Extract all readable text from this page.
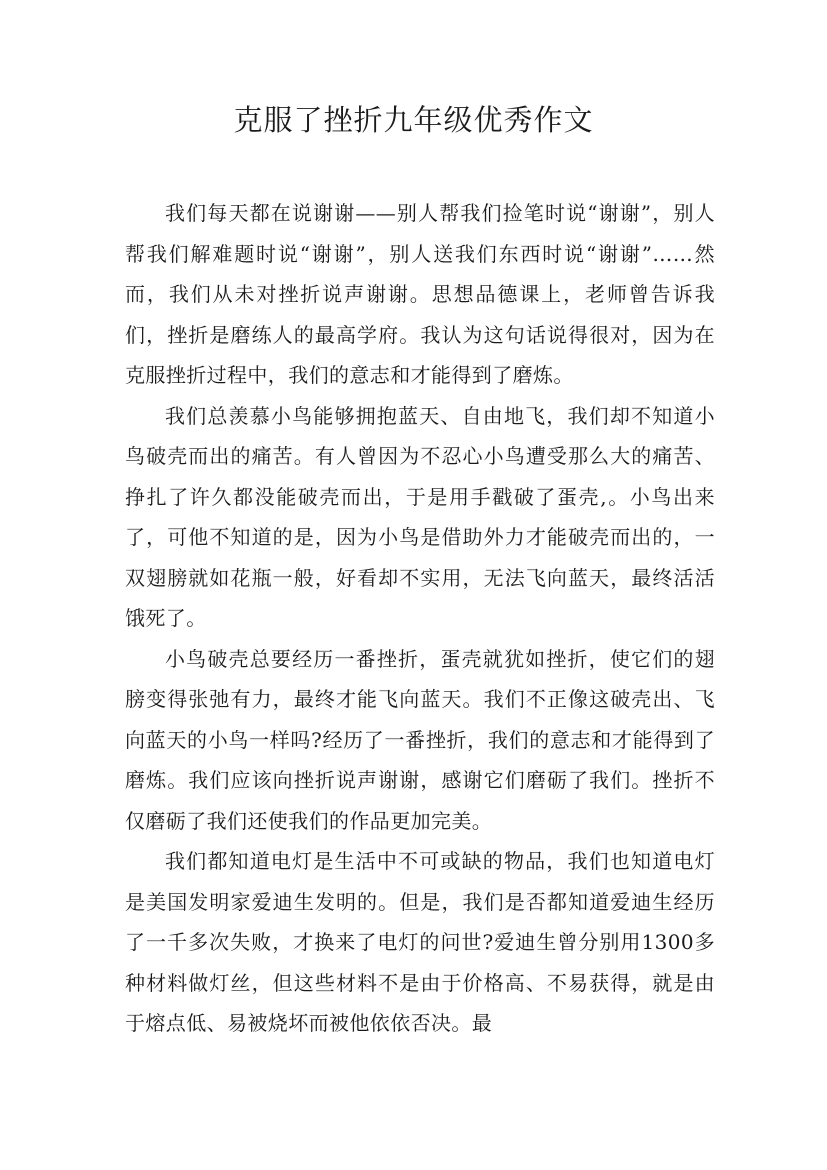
克服了挫折九年级优秀作文

我们每天都在说谢谢——别人帮我们捡笔时说“谢谢”，别人帮我们解难题时说“谢谢”，别人送我们东西时说“谢谢”……然而，我们从未对挫折说声谢谢。思想品德课上，老师曾告诉我们，挫折是磨练人的最高学府。我认为这句话说得很对，因为在克服挫折过程中，我们的意志和才能得到了磨炼。

我们总羡慕小鸟能够拥抱蓝天、自由地飞，我们却不知道小鸟破壳而出的痛苦。有人曾因为不忍心小鸟遭受那么大的痛苦、挣扎了许久都没能破壳而出，于是用手戳破了蛋壳,。小鸟出来了，可他不知道的是，因为小鸟是借助外力才能破壳而出的，一双翅膀就如花瓶一般，好看却不实用，无法飞向蓝天，最终活活饿死了。

小鸟破壳总要经历一番挫折，蛋壳就犹如挫折，使它们的翅膀变得张弛有力，最终才能飞向蓝天。我们不正像这破壳出、飞向蓝天的小鸟一样吗?经历了一番挫折，我们的意志和才能得到了磨炼。我们应该向挫折说声谢谢，感谢它们磨砺了我们。挫折不仅磨砺了我们还使我们的作品更加完美。

我们都知道电灯是生活中不可或缺的物品，我们也知道电灯是美国发明家爱迪生发明的。但是，我们是否都知道爱迪生经历了一千多次失败，才换来了电灯的问世?爱迪生曾分别用1300多种材料做灯丝，但这些材料不是由于价格高、不易获得，就是由于熔点低、易被烧坏而被他依依否决。最
